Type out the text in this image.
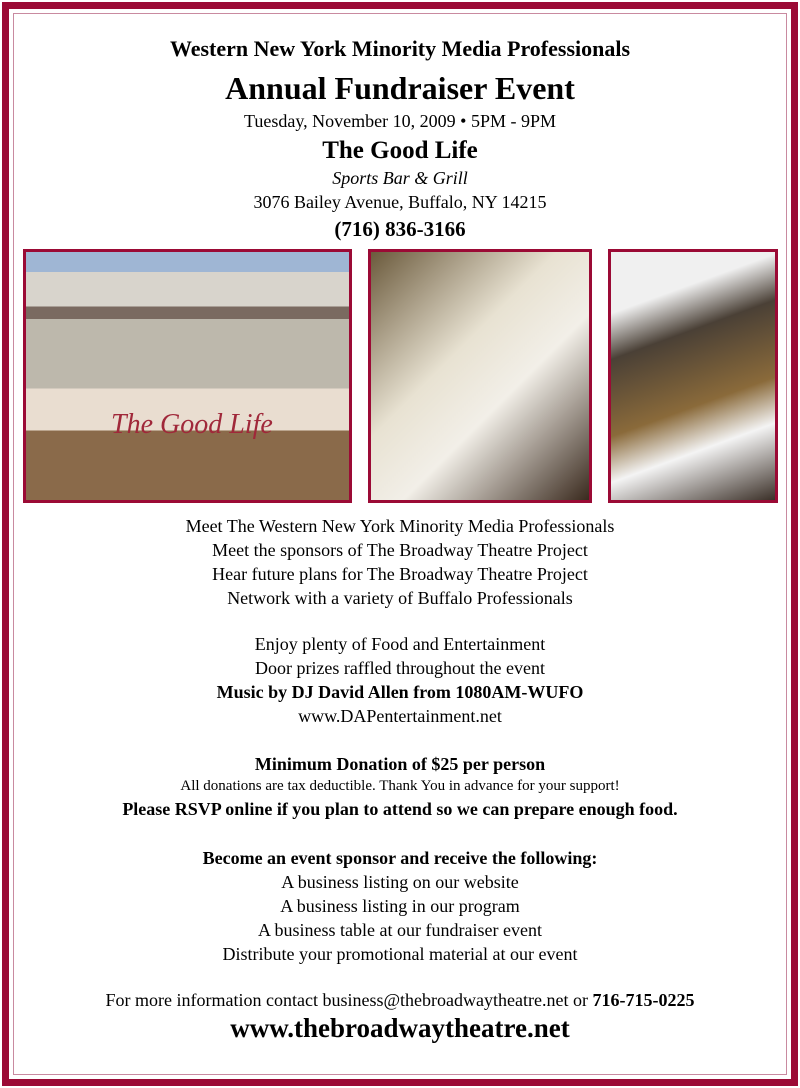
Western New York Minority Media Professionals
Annual Fundraiser Event
Tuesday, November 10, 2009 • 5PM - 9PM
The Good Life
Sports Bar & Grill
3076 Bailey Avenue, Buffalo, NY 14215
(716) 836-3166
The Good Life
Meet The Western New York Minority Media Professionals
Meet the sponsors of The Broadway Theatre Project
Hear future plans for The Broadway Theatre Project
Network with a variety of Buffalo Professionals
Enjoy plenty of Food and Entertainment
Door prizes raffled throughout the event
Music by DJ David Allen from 1080AM-WUFO
www.DAPentertainment.net
Minimum Donation of $25 per person
All donations are tax deductible. Thank You in advance for your support!
Please RSVP online if you plan to attend so we can prepare enough food.
Become an event sponsor and receive the following:
A business listing on our website
A business listing in our program
A business table at our fundraiser event
Distribute your promotional material at our event
For more information contact business@thebroadwaytheatre.net or 716-715-0225
www.thebroadwaytheatre.net
